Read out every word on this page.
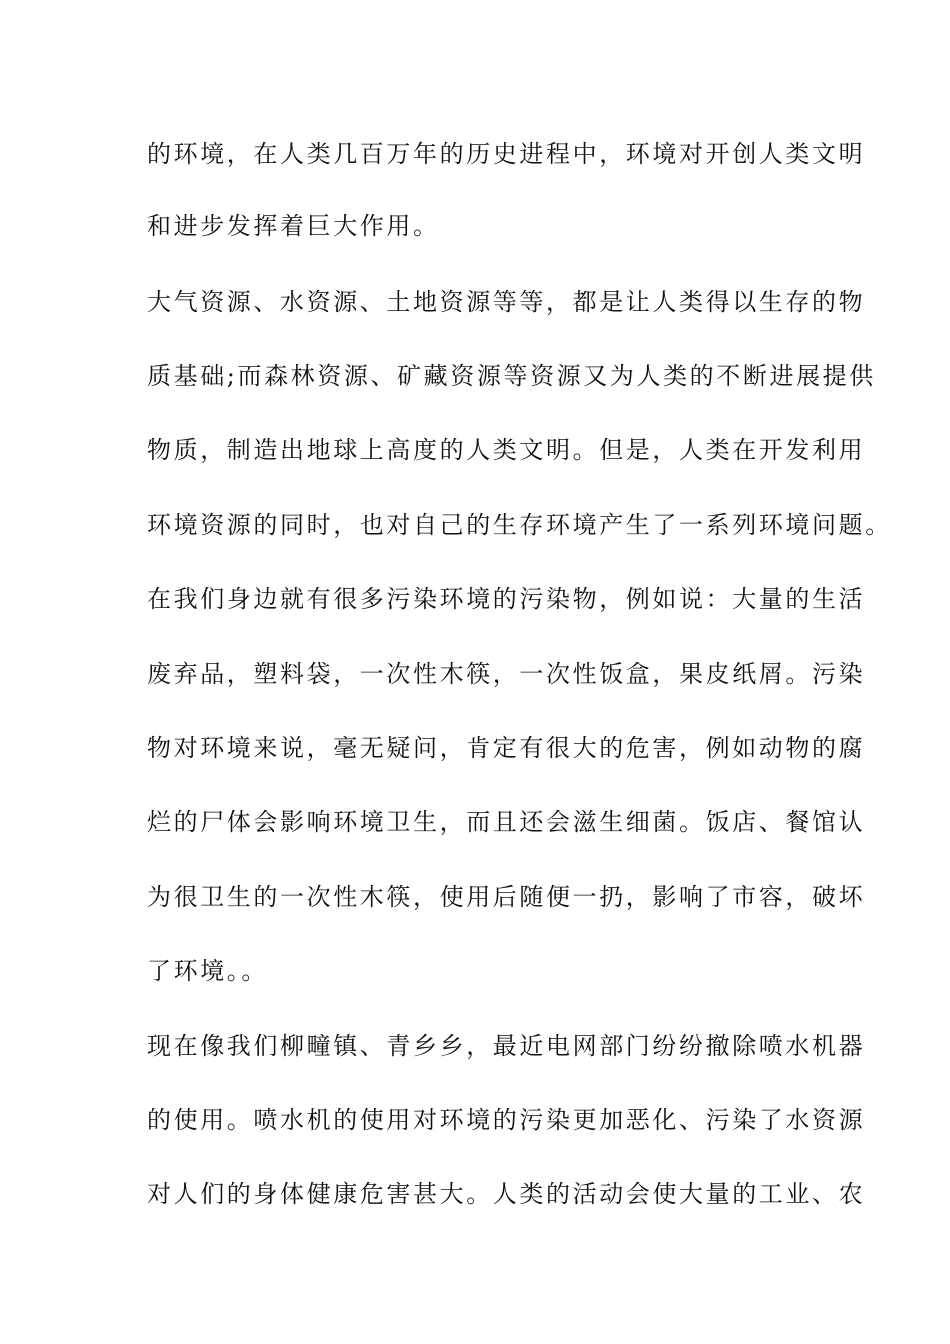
的环境，在人类几百万年的历史进程中，环境对开创人类文明
和进步发挥着巨大作用。
大气资源、水资源、土地资源等等，都是让人类得以生存的物
质基础;而森林资源、矿藏资源等资源又为人类的不断进展提供
物质，制造出地球上高度的人类文明。但是，人类在开发利用
环境资源的同时，也对自己的生存环境产生了一系列环境问题。
在我们身边就有很多污染环境的污染物，例如说：大量的生活
废弃品，塑料袋，一次性木筷，一次性饭盒，果皮纸屑。污染
物对环境来说，毫无疑问，肯定有很大的危害，例如动物的腐
烂的尸体会影响环境卫生，而且还会滋生细菌。饭店、餐馆认
为很卫生的一次性木筷，使用后随便一扔，影响了市容，破坏
了环境。。
现在像我们柳疃镇、青乡乡，最近电网部门纷纷撤除喷水机器
的使用。喷水机的使用对环境的污染更加恶化、污染了水资源
对人们的身体健康危害甚大。人类的活动会使大量的工业、农
